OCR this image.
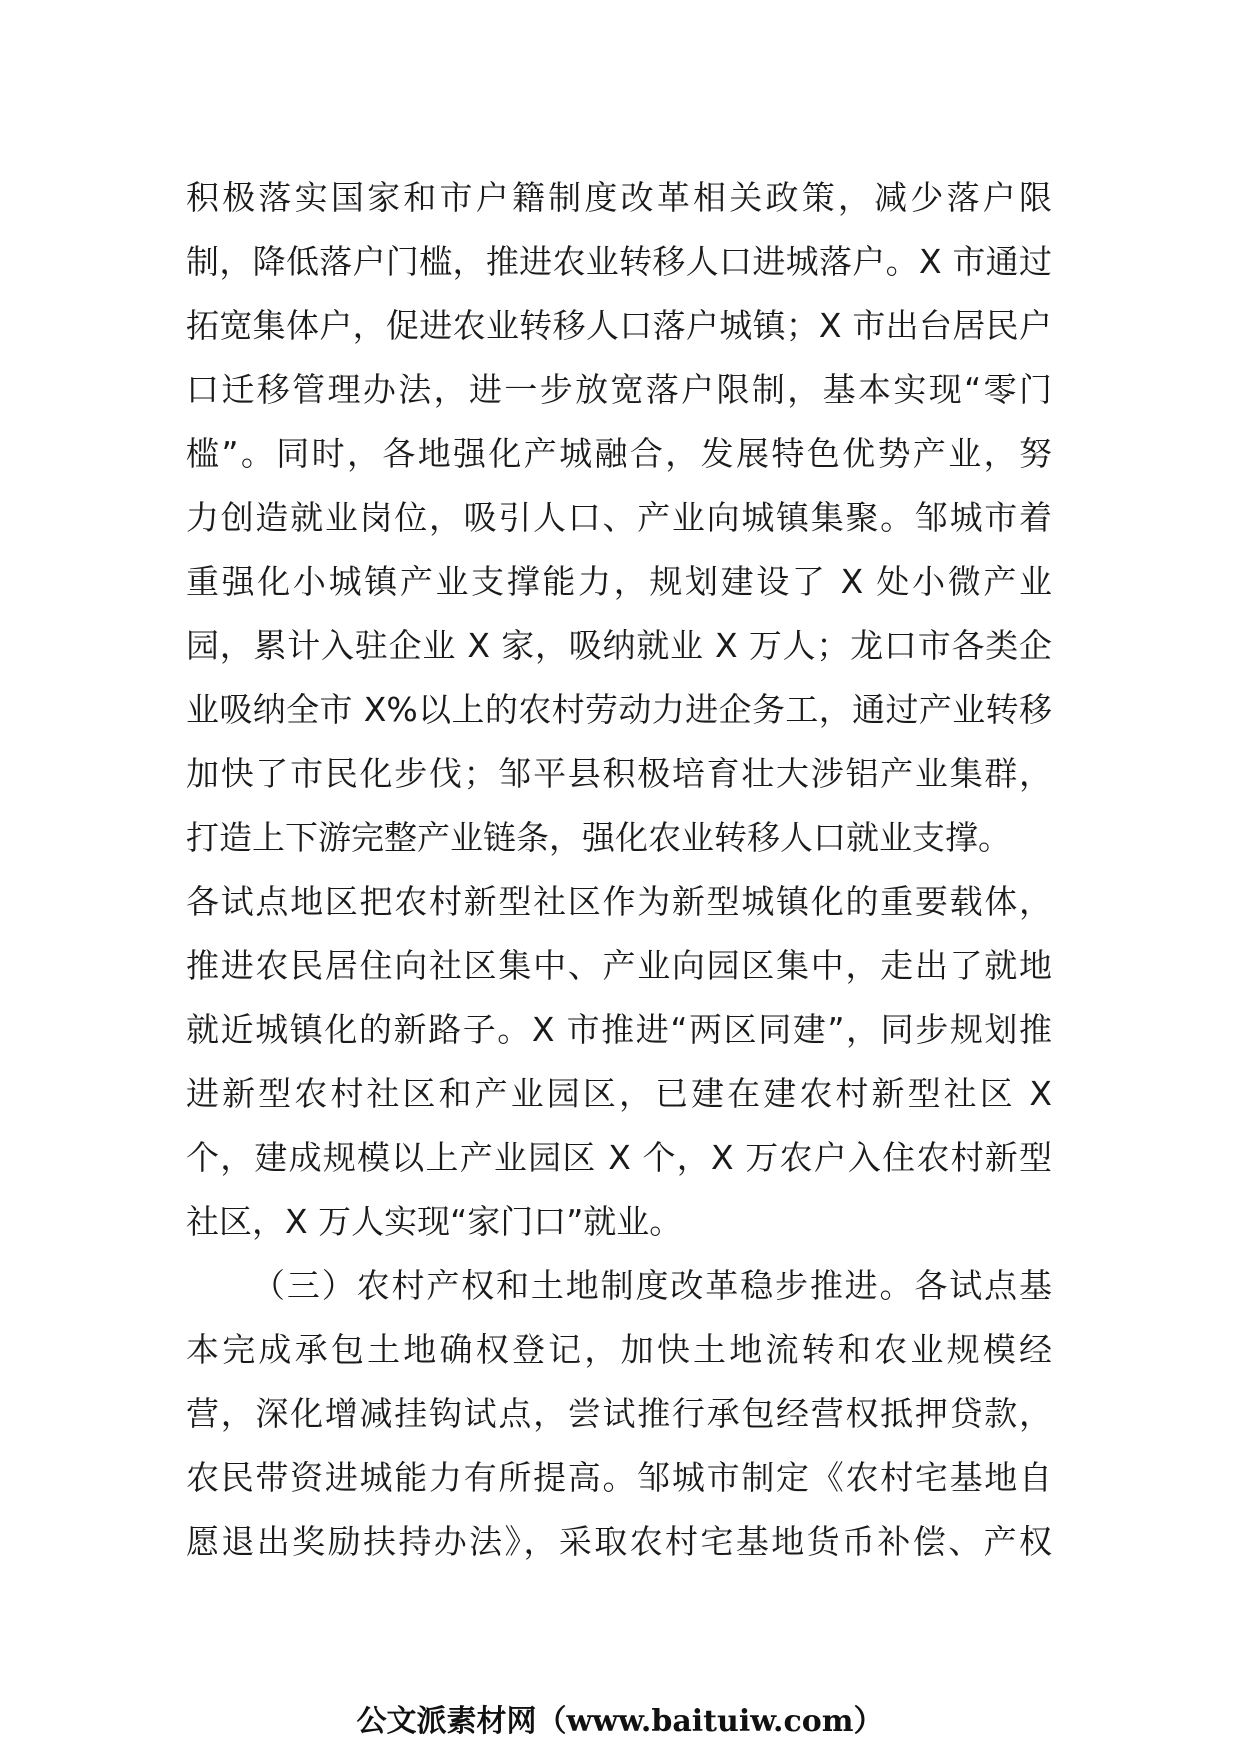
积极落实国家和市户籍制度改革相关政策，减少落户限
制，降低落户门槛，推进农业转移人口进城落户。X 市通过
拓宽集体户，促进农业转移人口落户城镇；X 市出台居民户
口迁移管理办法，进一步放宽落户限制，基本实现“零门
槛”。同时，各地强化产城融合，发展特色优势产业，努
力创造就业岗位，吸引人口、产业向城镇集聚。邹城市着
重强化小城镇产业支撑能力，规划建设了 X 处小微产业
园，累计入驻企业 X 家，吸纳就业 X 万人；龙口市各类企
业吸纳全市 X%以上的农村劳动力进企务工，通过产业转移
加快了市民化步伐；邹平县积极培育壮大涉铝产业集群，
打造上下游完整产业链条，强化农业转移人口就业支撑。
各试点地区把农村新型社区作为新型城镇化的重要载体，
推进农民居住向社区集中、产业向园区集中，走出了就地
就近城镇化的新路子。X 市推进“两区同建”，同步规划推
进新型农村社区和产业园区，已建在建农村新型社区 X
个，建成规模以上产业园区 X 个，X 万农户入住农村新型
社区，X 万人实现“家门口”就业。
（三）农村产权和土地制度改革稳步推进。各试点基
本完成承包土地确权登记，加快土地流转和农业规模经
营，深化增减挂钩试点，尝试推行承包经营权抵押贷款，
农民带资进城能力有所提高。邹城市制定《农村宅基地自
愿退出奖励扶持办法》，采取农村宅基地货币补偿、产权
公文派素材网（www.baituiw.com）
